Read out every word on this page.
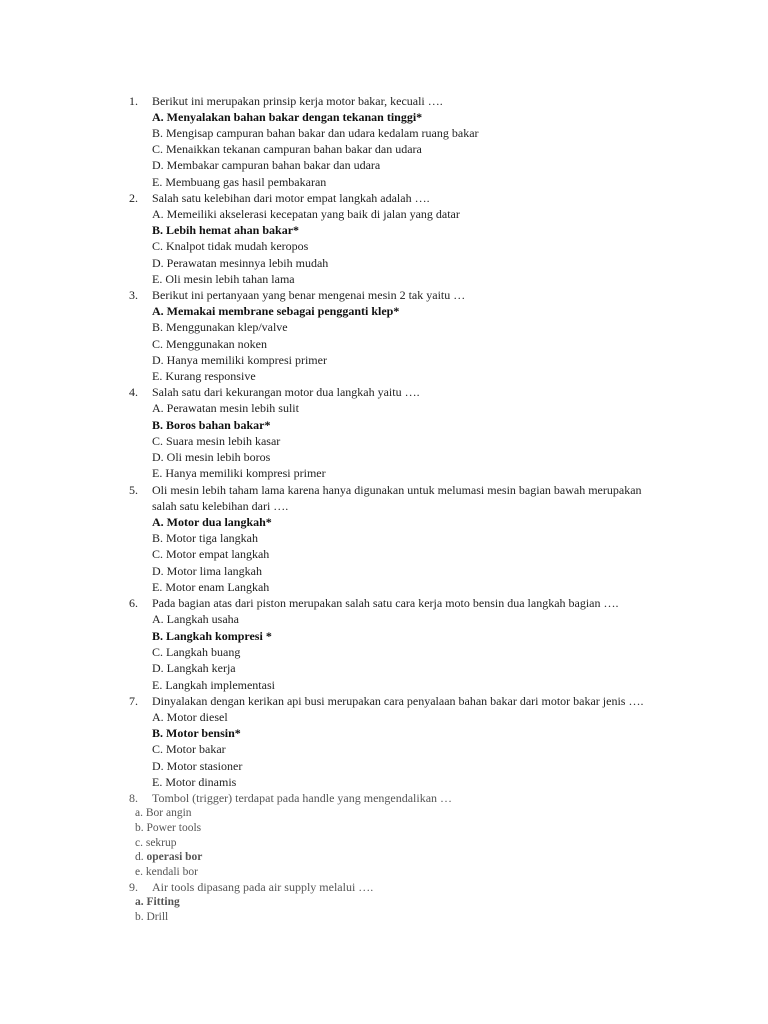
1. Berikut ini merupakan prinsip kerja motor bakar, kecuali ….
A. Menyalakan bahan bakar dengan tekanan tinggi*
B. Mengisap campuran bahan bakar dan udara kedalam ruang bakar
C. Menaikkan tekanan campuran bahan bakar dan udara
D. Membakar campuran bahan bakar dan udara
E. Membuang gas hasil pembakaran
2. Salah satu kelebihan dari motor empat langkah adalah ….
A. Memeiliki akselerasi kecepatan yang baik di jalan yang datar
B. Lebih hemat ahan bakar*
C. Knalpot tidak mudah keropos
D. Perawatan mesinnya lebih mudah
E. Oli mesin lebih tahan lama
3. Berikut ini pertanyaan yang benar mengenai mesin 2 tak yaitu …
A. Memakai membrane sebagai pengganti klep*
B. Menggunakan klep/valve
C. Menggunakan noken
D. Hanya memiliki kompresi primer
E. Kurang responsive
4. Salah satu dari kekurangan motor dua langkah yaitu ….
A. Perawatan mesin lebih sulit
B. Boros bahan bakar*
C. Suara mesin lebih kasar
D. Oli mesin lebih boros
E. Hanya memiliki kompresi primer
5. Oli mesin lebih taham lama karena hanya digunakan untuk melumasi mesin bagian bawah merupakan
salah satu kelebihan dari ….
A. Motor dua langkah*
B. Motor tiga langkah
C. Motor empat langkah
D. Motor lima langkah
E. Motor enam Langkah
6. Pada bagian atas dari piston merupakan salah satu cara kerja moto bensin dua langkah bagian ….
A. Langkah usaha
B. Langkah kompresi *
C. Langkah buang
D. Langkah kerja
E. Langkah implementasi
7. Dinyalakan dengan kerikan api busi merupakan cara penyalaan bahan bakar dari motor bakar jenis ….
A. Motor diesel
B. Motor bensin*
C. Motor bakar
D. Motor stasioner
E. Motor dinamis
8. Tombol (trigger) terdapat pada handle yang mengendalikan …
a. Bor angin
b. Power tools
c. sekrup
d. operasi bor
e. kendali bor
9. Air tools dipasang pada air supply melalui ….
a. Fitting
b. Drill
